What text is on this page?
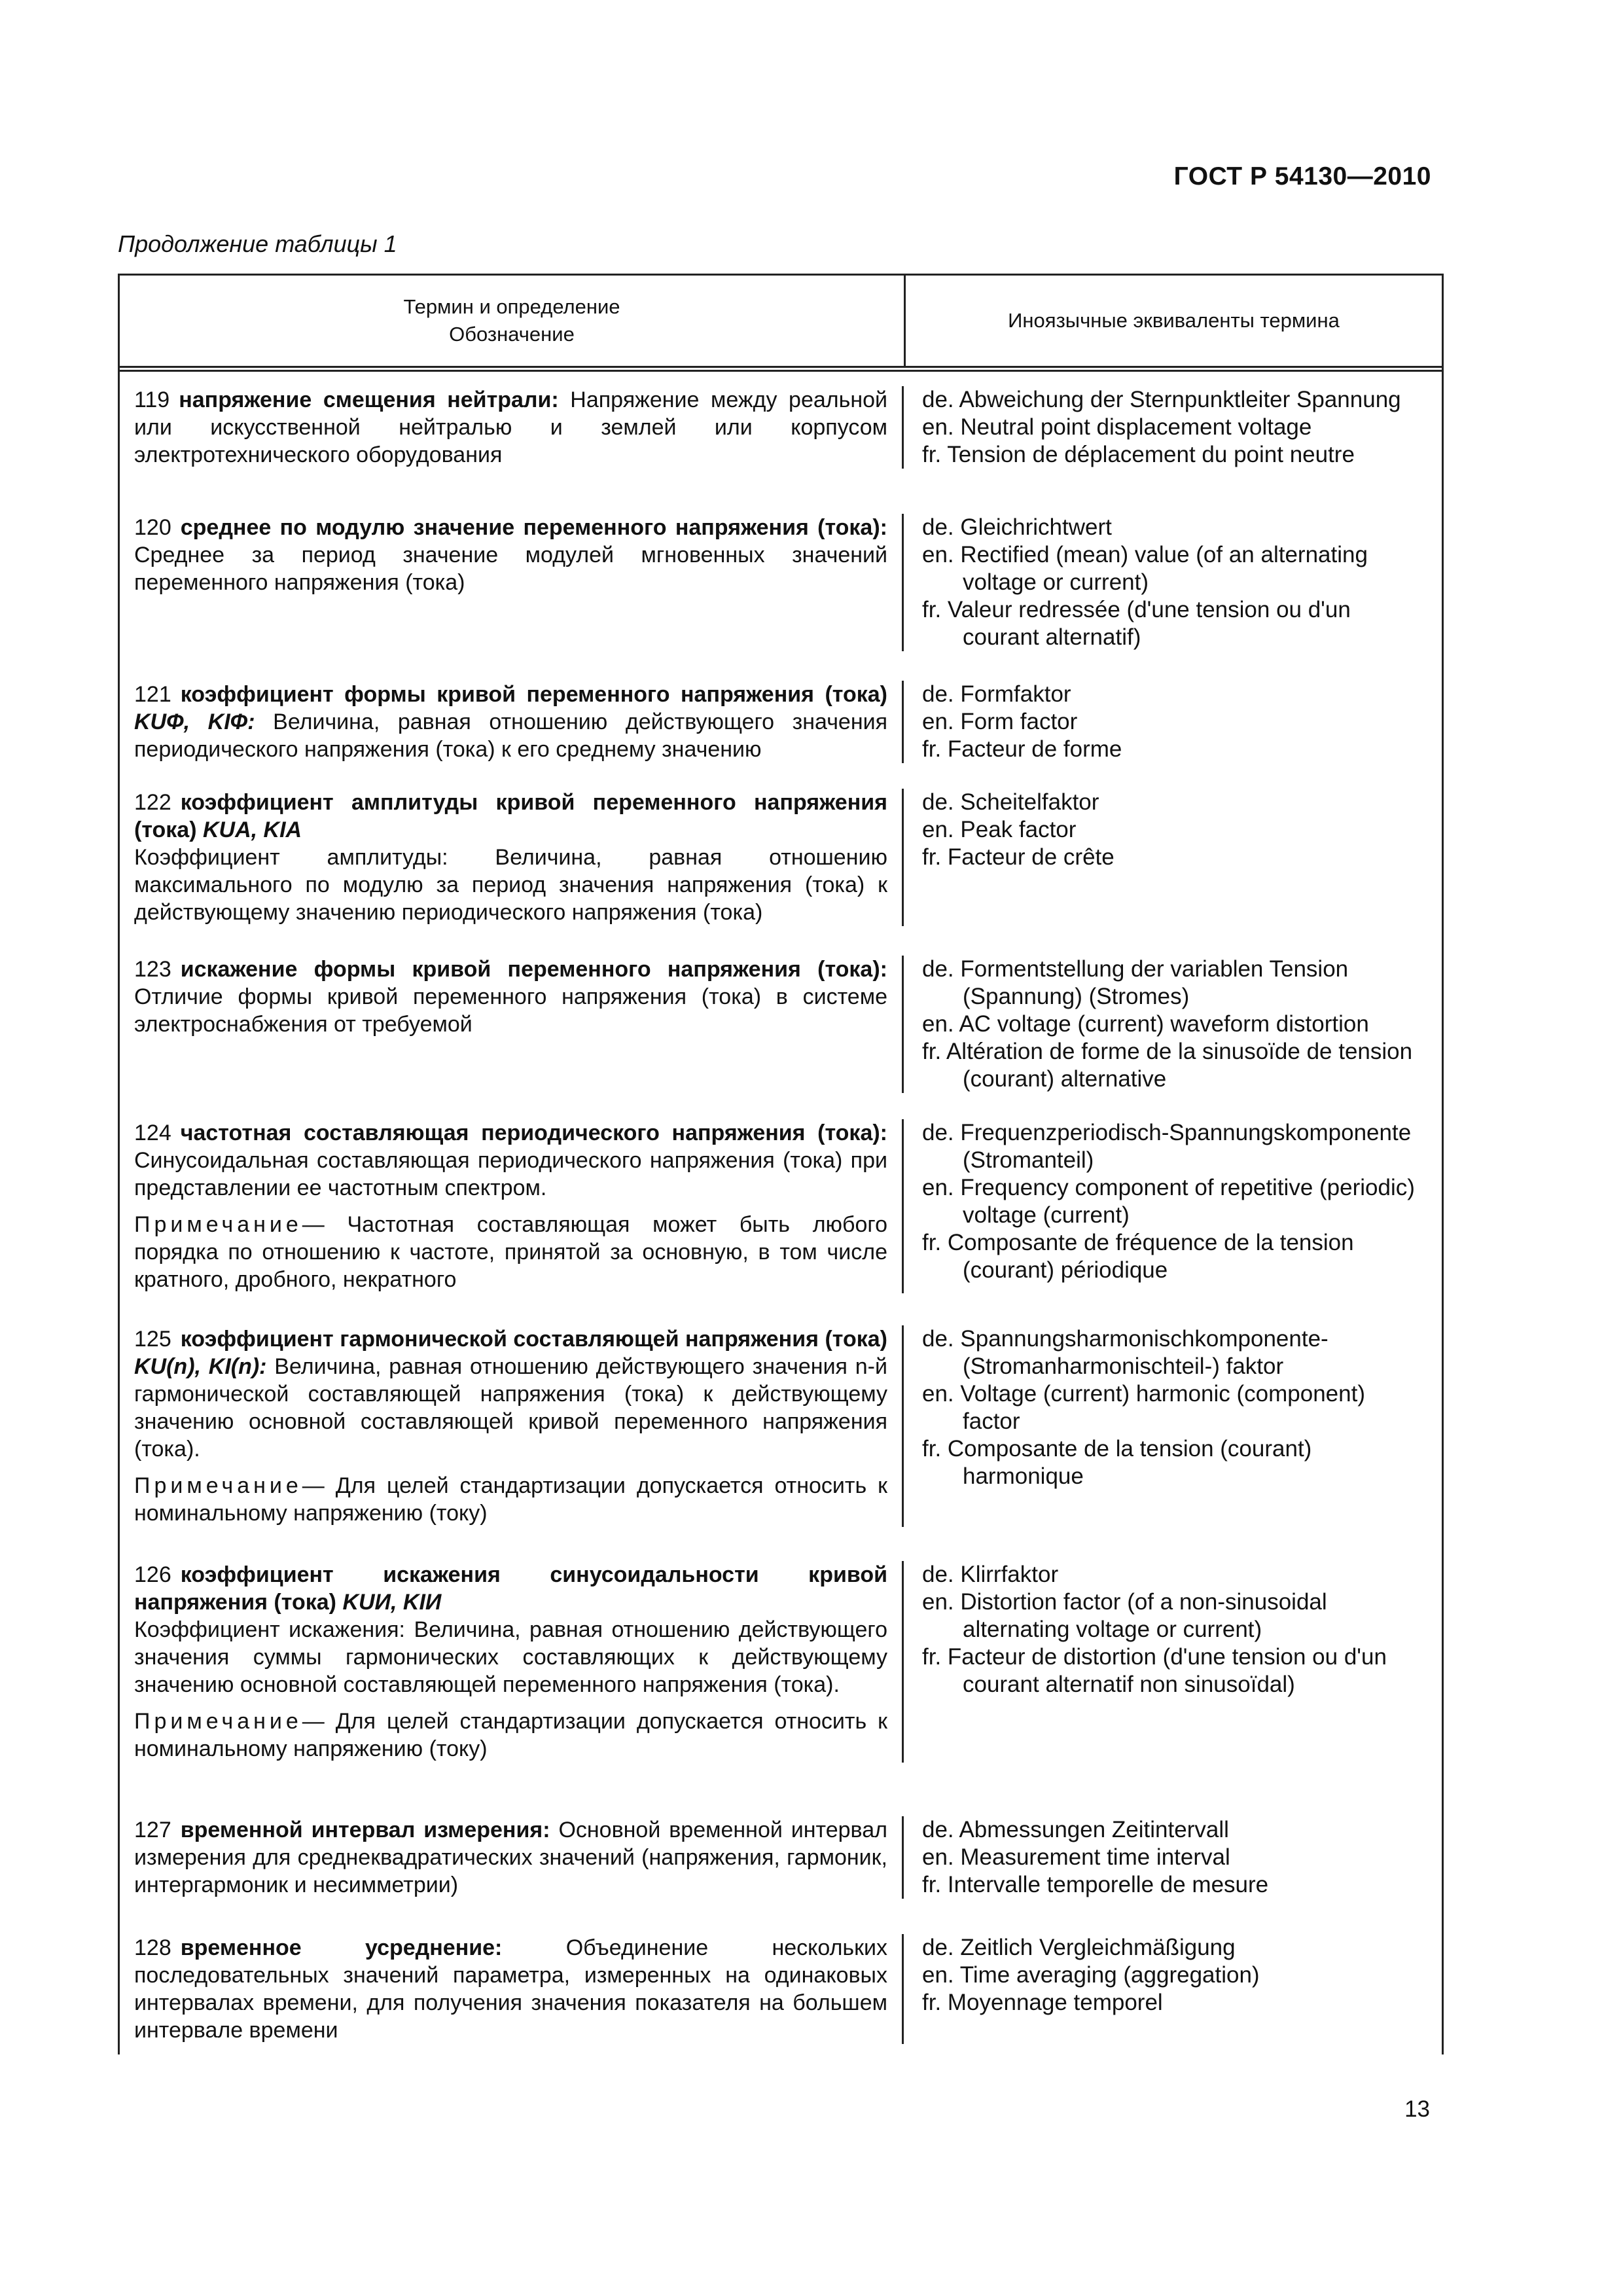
ГОСТ Р 54130—2010
Продолжение таблицы 1
Термин и определение
Обозначение
Иноязычные эквиваленты термина

119 напряжение смещения нейтрали: Напряжение между реальной или искусственной нейтралью и землей или корпусом электротехнического оборудования

de. Abweichung der Sternpunktleiter Spannung

en. Neutral point displacement voltage

fr. Tension de déplacement du point neutre

120 среднее по модулю значение переменного напряжения (тока): Среднее за период значение модулей мгновенных значений переменного напряжения (тока)

de. Gleichrichtwert

en. Rectified (mean) value (of an alternating voltage or current)

fr. Valeur redressée (d'une tension ou d'un courant alternatif)

121 коэффициент формы кривой переменного напряжения (тока) KUФ, KIФ: Величина, равная отношению действующего значения периодического напряжения (тока) к его среднему значению

de. Formfaktor

en. Form factor

fr. Facteur de forme

122 коэффициент амплитуды кривой переменного напряжения (тока) KUA, KIA
Коэффициент амплитуды: Величина, равная отношению максимального по модулю за период значения напряжения (тока) к действующему значению периодического напряжения (тока)

de. Scheitelfaktor

en. Peak factor

fr. Facteur de crête

123 искажение формы кривой переменного напряжения (тока): Отличие формы кривой переменного напряжения (тока) в системе электроснабжения от требуемой

de. Formentstellung der variablen Tension (Spannung) (Stromes)

en. AC voltage (current) waveform distortion

fr. Altération de forme de la sinusoïde de tension (courant) alternative

124 частотная составляющая периодического напряжения (тока): Синусоидальная составляющая периодического напряжения (тока) при представлении ее частотным спектром.

Примечание— Частотная составляющая может быть любого порядка по отношению к частоте, принятой за основную, в том числе кратного, дробного, некратного

de. Frequenzperiodisch-Spannungskomponente (Stromanteil)

en. Frequency component of repetitive (periodic) voltage (current)

fr. Composante de fréquence de la tension (courant) périodique

125 коэффициент гармонической составляющей напряжения (тока) KU(n), KI(n): Величина, равная отношению действующего значения n-й гармонической составляющей напряжения (тока) к действующему значению основной составляющей кривой переменного напряжения (тока).

Примечание— Для целей стандартизации допускается относить к номинальному напряжению (току)

de. Spannungsharmonischkomponente-(Stromanharmonischteil-) faktor

en. Voltage (current) harmonic (component) factor

fr. Composante de la tension (courant) harmonique

126 коэффициент искажения синусоидальности кривой напряжения (тока) KUИ, KIИ
Коэффициент искажения: Величина, равная отношению действующего значения суммы гармонических составляющих к действующему значению основной составляющей переменного напряжения (тока).

Примечание— Для целей стандартизации допускается относить к номинальному напряжению (току)

de. Klirrfaktor

en. Distortion factor (of a non-sinusoidal alternating voltage or current)

fr. Facteur de distortion (d'une tension ou d'un courant alternatif non sinusoïdal)

127 временной интервал измерения: Основной временной интервал измерения для среднеквадратических значений (напряжения, гармоник, интергармоник и несимметрии)

de. Abmessungen Zeitintervall

en. Measurement time interval

fr. Intervalle temporelle de mesure

128 временное усреднение:	Объединение нескольких последовательных значений параметра, измеренных на одинаковых интервалах времени, для получения значения показателя на большем интервале времени

de. Zeitlich Vergleichmäßigung

en. Time averaging (aggregation)

fr. Moyennage temporel

13
